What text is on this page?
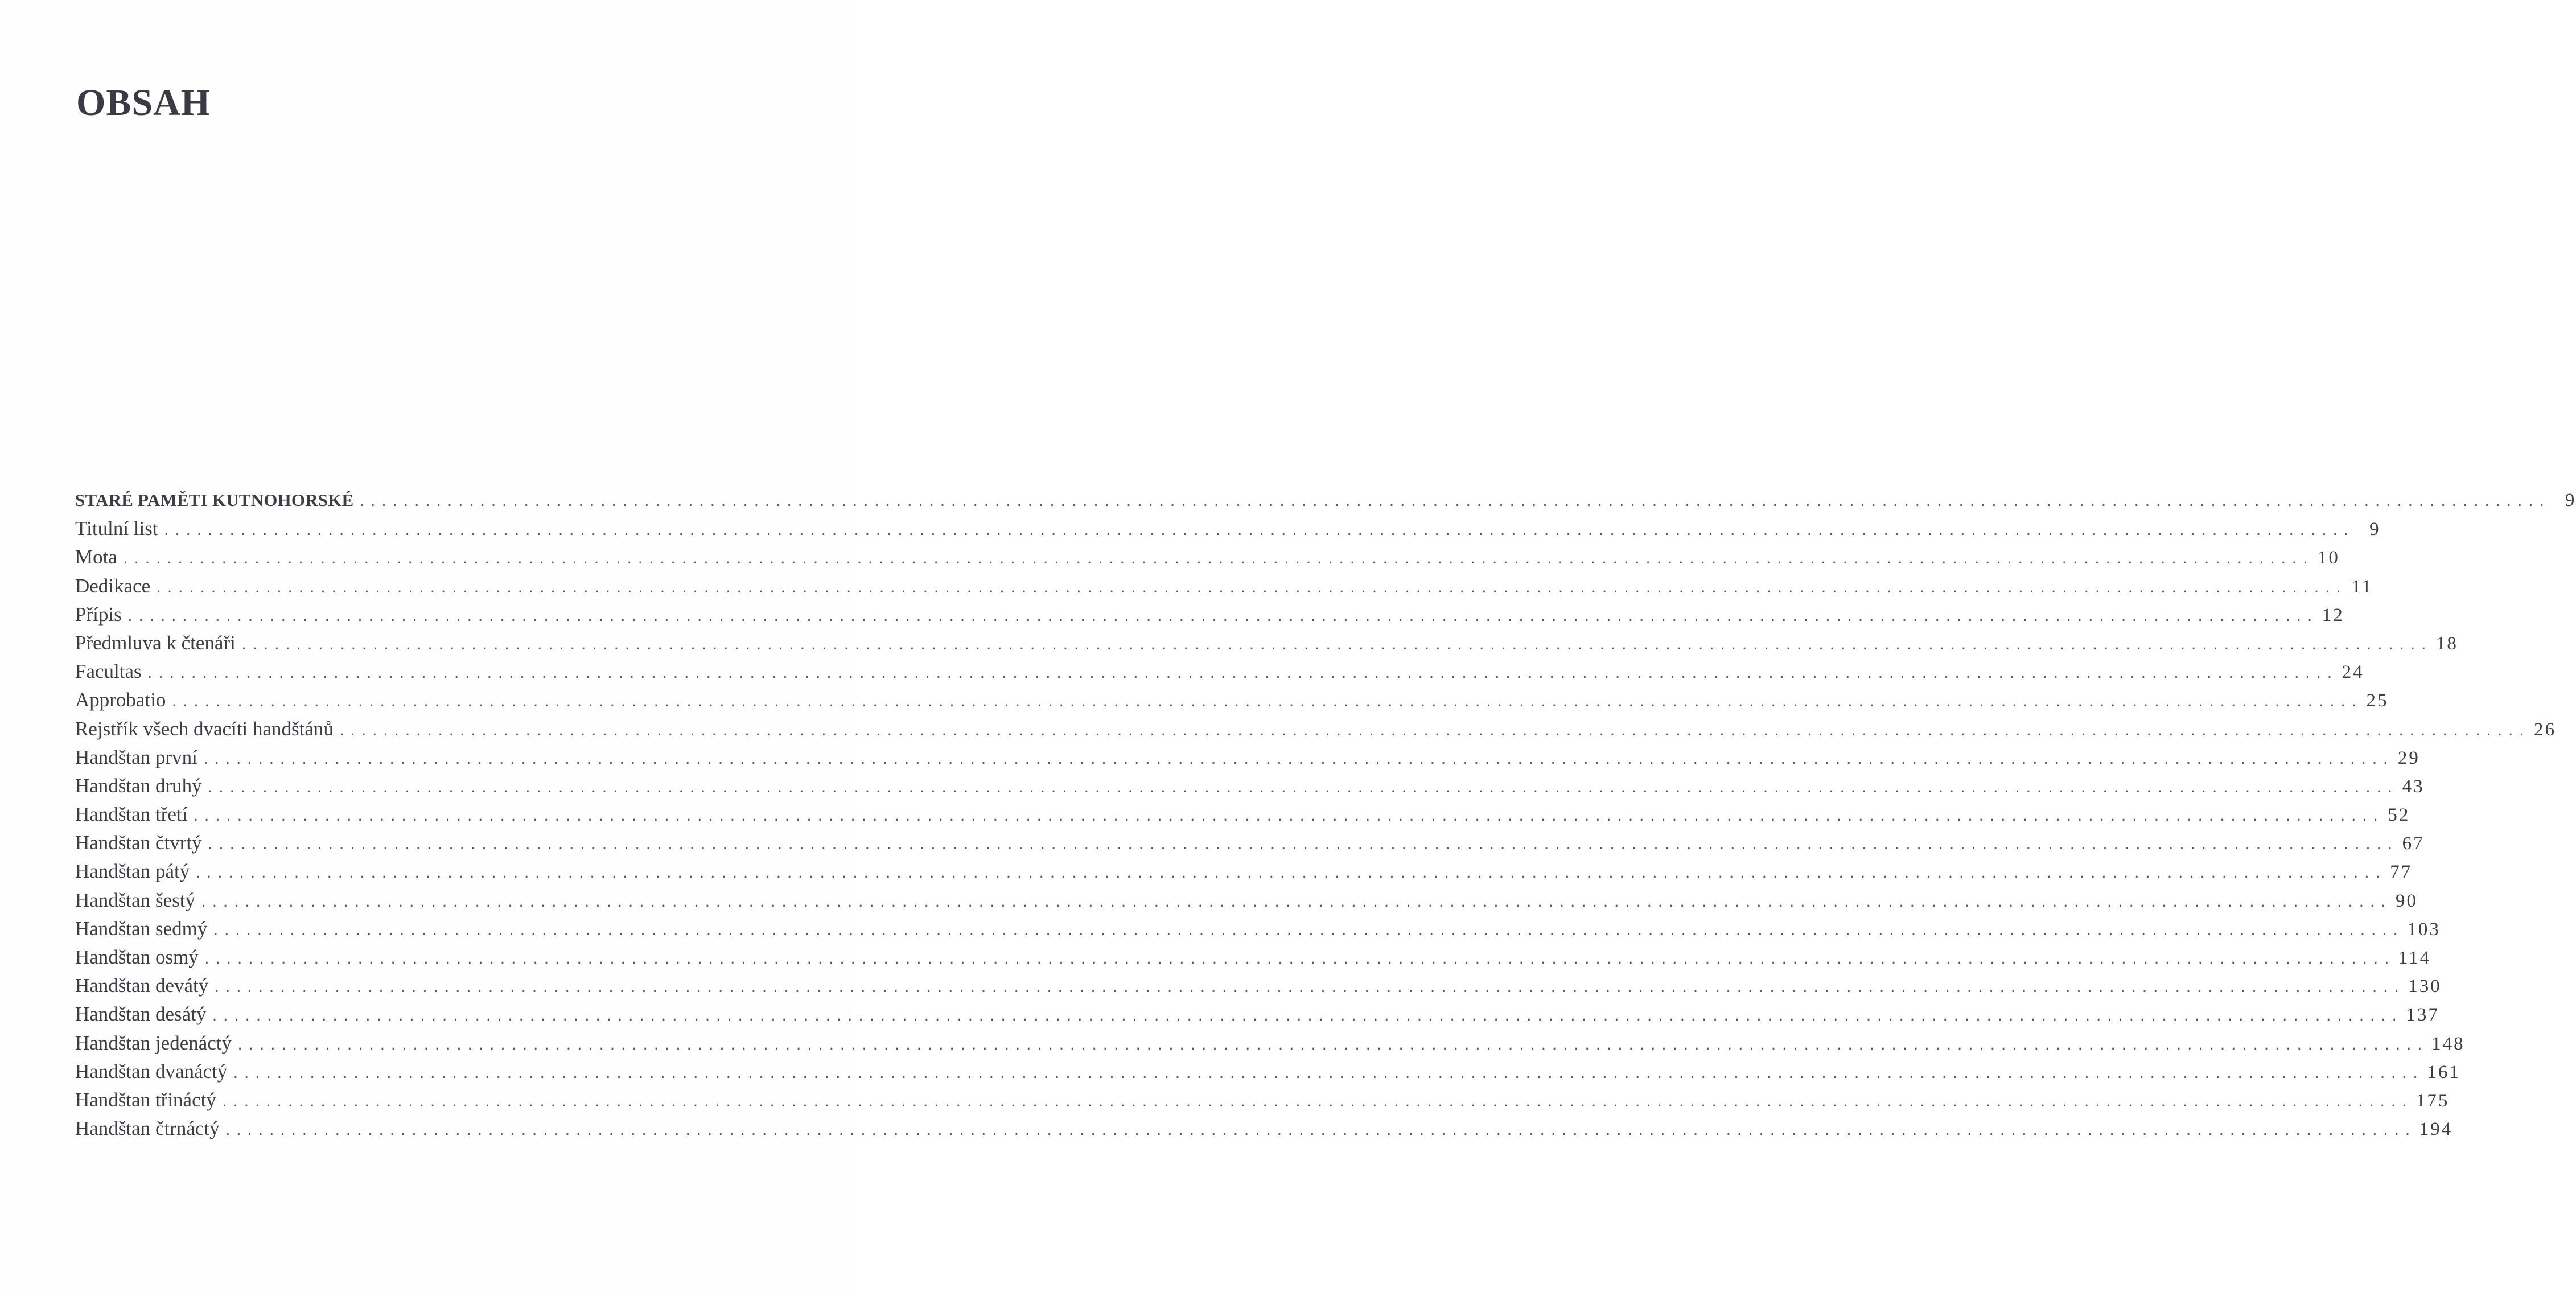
OBSAH
STARÉ PAMĚTI KUTNOHORSKÉ ........................................................................................................................................................................................................ 9
Titulní list ........................................................................................................................................................................................................ 9
Mota ........................................................................................................................................................................................................ 10
Dedikace ........................................................................................................................................................................................................ 11
Přípis ........................................................................................................................................................................................................ 12
Předmluva k čtenáři ........................................................................................................................................................................................................ 18
Facultas ........................................................................................................................................................................................................ 24
Approbatio ........................................................................................................................................................................................................ 25
Rejstřík všech dvacíti handštánů ........................................................................................................................................................................................................ 26
Handštan první ........................................................................................................................................................................................................ 29
Handštan druhý ........................................................................................................................................................................................................ 43
Handštan třetí ........................................................................................................................................................................................................ 52
Handštan čtvrtý ........................................................................................................................................................................................................ 67
Handštan pátý ........................................................................................................................................................................................................ 77
Handštan šestý ........................................................................................................................................................................................................ 90
Handštan sedmý ........................................................................................................................................................................................................ 103
Handštan osmý ........................................................................................................................................................................................................ 114
Handštan devátý ........................................................................................................................................................................................................ 130
Handštan desátý ........................................................................................................................................................................................................ 137
Handštan jedenáctý ........................................................................................................................................................................................................ 148
Handštan dvanáctý ........................................................................................................................................................................................................ 161
Handštan třináctý ........................................................................................................................................................................................................ 175
Handštan čtrnáctý ........................................................................................................................................................................................................ 194
